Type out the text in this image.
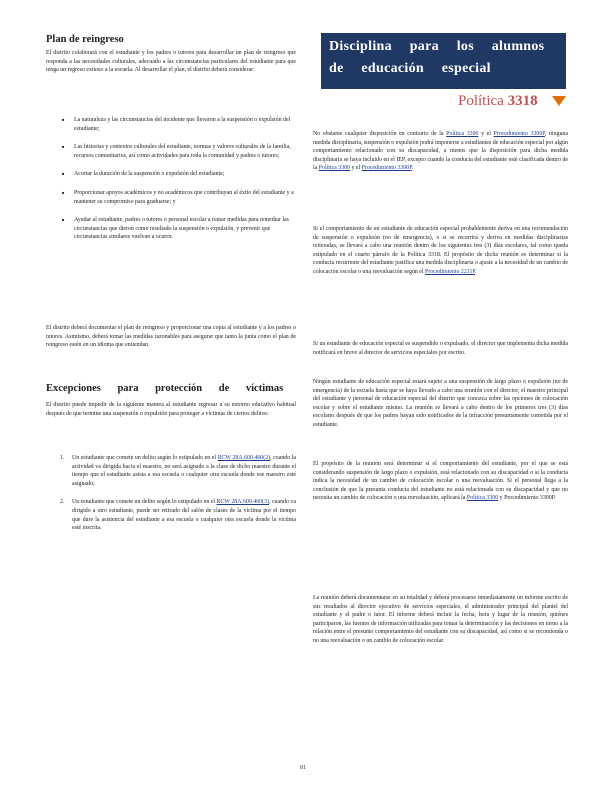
Plan de reingreso

El distrito colaborará con el estudiante y los padres o tutores para desarrollar un plan de reingreso que responda a las necesidades culturales, adecuado a las circunstancias particulares del estudiante para que tenga un regreso exitoso a la escuela. Al desarrollar el plan, el distrito deberá considerar:

■ La naturaleza y las circunstancias del incidente que llevaron a la suspensión o expulsión del estudiante;
■ Las historias y contextos culturales del estudiante, normas y valores culturales de la familia, recursos comunitarios, así como actividades para toda la comunidad y padres o tutores;
■ Acortar la duración de la suspensión o expulsión del estudiante;
■ Proporcionar apoyos académicos y no académicos que contribuyan al éxito del estudiante y a mantener su compromiso para graduarse; y
■ Ayudar al estudiante, padres o tutores o personal escolar a tomar medidas para remediar las circunstancias que dieron como resultado la suspensión o expulsión, y prevenir que circunstancias similares vuelvan a ocurrir.

El distrito deberá documentar el plan de reingreso y proporcionar una copia al estudiante y a los padres o tutores. Asimismo, deberá tomar las medidas razonables para asegurar que tanto la junta como el plan de reingreso estén en un idioma que entiendan.

Excepciones para protección de víctimas

El distrito puede impedir de la siguiente manera al estudiante regresar a su entorno educativo habitual después de que termine una suspensión o expulsión para proteger a víctimas de ciertos delitos:

1. Un estudiante que comete un delito según lo estipulado en el RCW 28A.600.460(2), cuando la actividad va dirigida hacia el maestro, no será asignado a la clase de dicho maestro durante el tiempo que el estudiante asista a esa escuela o cualquier otra escuela donde ese maestro esté asignado;
2. Un estudiante que comete un delito según lo estipulado en el RCW 28A.600.460(3), cuando va dirigido a otro estudiante, puede ser retirado del salón de clases de la víctima por el tiempo que dure la asistencia del estudiante a esa escuela o cualquier otra escuela donde la víctima esté inscrita.
Disciplina para los alumnos de educación especial
Política 3318

No obstante cualquier disposición en contrario de la Política 3300 y el Procedimiento 3300P, ninguna medida disciplinaria, suspensión o expulsión podrá imponerse a estudiantes de educación especial por algún comportamiento relacionado con su discapacidad, a menos que la disposición para dicha medida disciplinaria se haya incluido en el IEP, excepto cuando la conducta del estudiante esté clasificada dentro de la Política 3300 y el Procedimiento 3300P.

Si el comportamiento de un estudiante de educación especial probablemente deriva en una recomendación de suspensión o expulsión (no de emergencia), o si se recurrirá y deriva en medidas disciplinarias reiteradas, se llevará a cabo una reunión dentro de los siguientes tres (3) días escolares, tal como queda estipulado en el cuarto párrafo de la Política 3318. El propósito de dicha reunión es determinar si la conducta recurrente del estudiante justifica una medida disciplinaria o ajuste a la necesidad de un cambio de colocación escolar o una reevaluación según el Procedimiento 2211P.

Si un estudiante de educación especial es suspendido o expulsado, el director que implementa dicha medida notificará en breve al director de servicios especiales por escrito.

Ningún estudiante de educación especial estará sujeto a una suspensión de largo plazo o expulsión (no de emergencia) de la escuela hasta que se haya llevado a cabo una reunión con el director, el maestro principal del estudiante y personal de educación especial del distrito que conozca sobre las opciones de colocación escolar y sobre el estudiante mismo. La reunión se llevará a cabo dentro de los primeros tres (3) días escolares después de que los padres hayan sido notificados de la infracción presuntamente cometida por el estudiante.

El propósito de la reunión será determinar si el comportamiento del estudiante, por el que se está considerando suspensión de largo plazo o expulsión, está relacionado con su discapacidad o si la conducta indica la necesidad de un cambio de colocación escolar o una reevaluación. Si el personal llega a la conclusión de que la presunta conducta del estudiante no está relacionada con su discapacidad y que no necesita un cambio de colocación o una reevaluación, aplicará la Política 3300 y Procedimiento 3300P.

La reunión deberá documentarse en su totalidad y deberá procesarse inmediatamente un informe escrito de sus resultados al director ejecutivo de servicios especiales, el administrador principal del plantel del estudiante y el padre o tutor. El informe deberá incluir la fecha, hora y lugar de la reunión, quiénes participaron, las fuentes de información utilizadas para tomar la determinación y las decisiones en torno a la relación entre el presunto comportamiento del estudiante con su discapacidad, así como si se recomienda o no una reevaluación o un cambio de colocación escolar.

81
